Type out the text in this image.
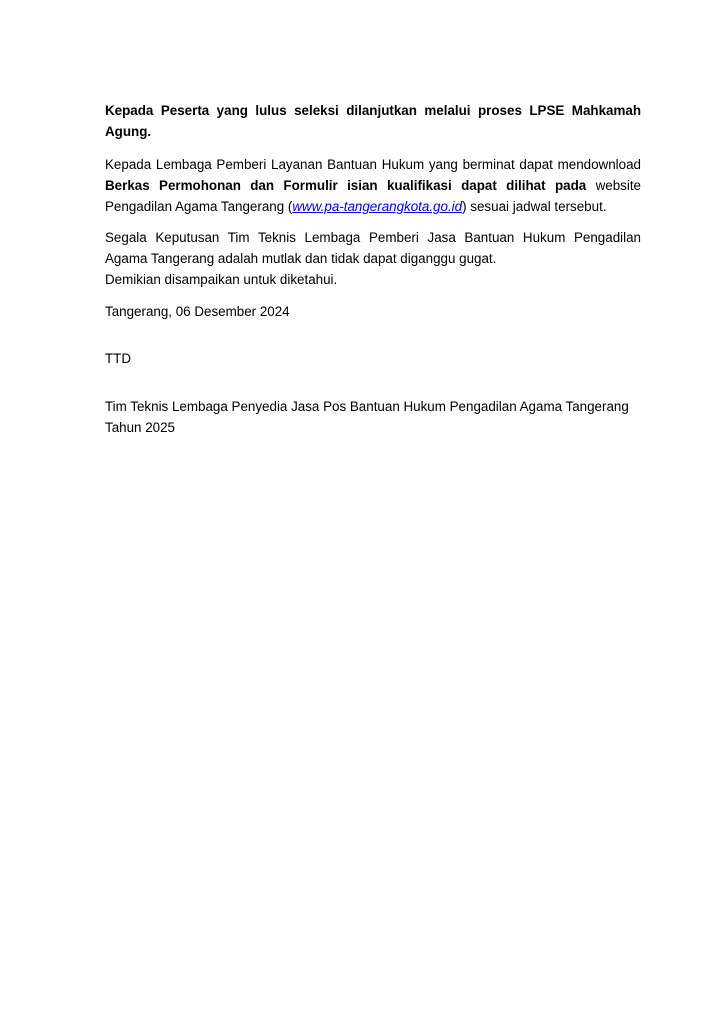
Kepada Peserta yang lulus seleksi dilanjutkan melalui proses LPSE Mahkamah
Agung.

Kepada Lembaga Pemberi Layanan Bantuan Hukum yang berminat dapat mendownload
Berkas Permohonan dan Formulir isian kualifikasi dapat dilihat pada website
Pengadilan Agama Tangerang (www.pa-tangerangkota.go.id) sesuai jadwal tersebut.

Segala Keputusan Tim Teknis Lembaga Pemberi Jasa Bantuan Hukum Pengadilan
Agama Tangerang adalah mutlak dan tidak dapat diganggu gugat.
Demikian disampaikan untuk diketahui.

Tangerang, 06 Desember 2024

TTD

Tim Teknis Lembaga Penyedia Jasa Pos Bantuan Hukum Pengadilan Agama Tangerang
Tahun 2025
